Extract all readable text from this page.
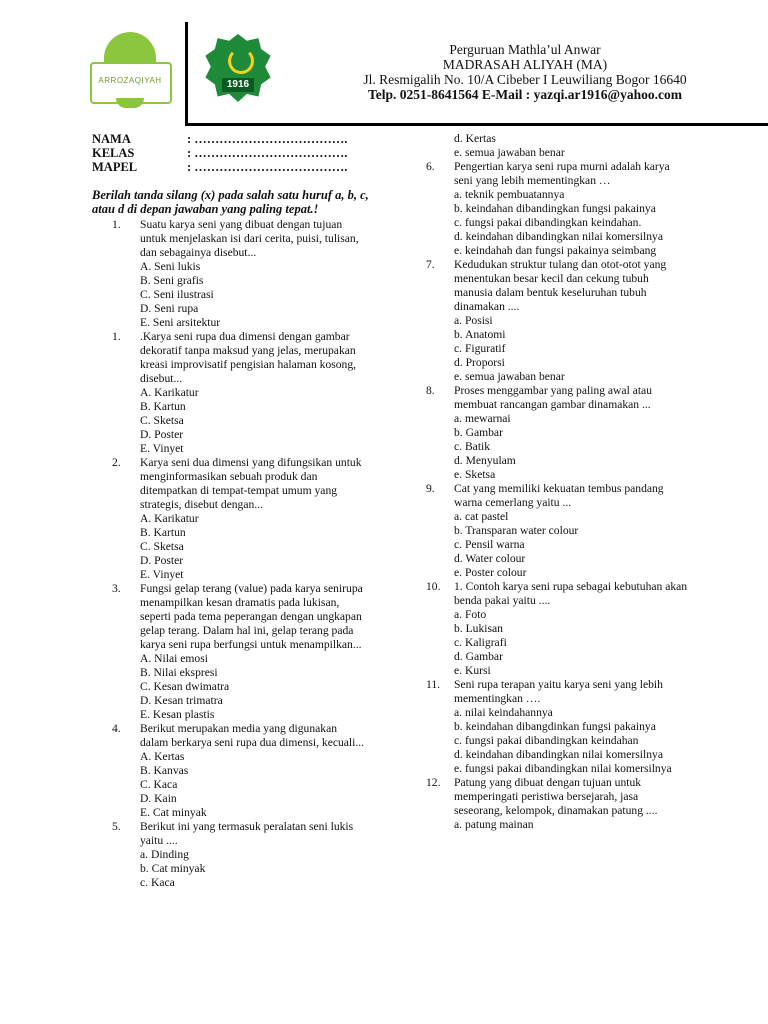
ARROZAQIYAH	1916
Perguruan Mathla’ul Anwar
MADRASAH ALIYAH (MA)
Jl. Resmigalih No. 10/A Cibeber I Leuwiliang Bogor 16640
Telp. 0251-8641564 E-Mail : yazqi.ar1916@yahoo.com
NAMA	: ……………………………….
KELAS	: ……………………………….
MAPEL	: ……………………………….
Berilah tanda silang (x) pada salah satu huruf a, b, c, atau d di depan jawaban yang paling tepat.!
1. Suatu karya seni yang dibuat dengan tujuan untuk menjelaskan isi dari cerita, puisi, tulisan, dan sebagainya disebut...
A. Seni lukis
B. Seni grafis
C. Seni ilustrasi
D. Seni rupa
E. Seni arsitektur
1. .Karya seni rupa dua dimensi dengan gambar dekoratif tanpa maksud yang jelas, merupakan kreasi improvisatif pengisian halaman kosong, disebut...
A. Karikatur
B. Kartun
C. Sketsa
D. Poster
E. Vinyet
2. Karya seni dua dimensi yang difungsikan untuk menginformasikan sebuah produk dan ditempatkan di tempat-tempat umum yang strategis, disebut dengan...
A. Karikatur
B. Kartun
C. Sketsa
D. Poster
E. Vinyet
3. Fungsi gelap terang (value) pada karya senirupa menampilkan kesan dramatis pada lukisan, seperti pada tema peperangan dengan ungkapan gelap terang. Dalam hal ini, gelap terang pada karya seni rupa berfungsi untuk menampilkan...
A. Nilai emosi
B. Nilai ekspresi
C. Kesan dwimatra
D. Kesan trimatra
E. Kesan plastis
4. Berikut merupakan media yang digunakan dalam berkarya seni rupa dua dimensi, kecuali...
A. Kertas
B. Kanvas
C. Kaca
D. Kain
E. Cat minyak
5. Berikut ini yang termasuk peralatan seni lukis yaitu ....
a. Dinding
b. Cat minyak
c. Kaca
d. Kertas
e. semua jawaban benar
6. Pengertian karya seni rupa murni adalah karya seni yang lebih mementingkan …
a. teknik pembuatannya
b. keindahan dibandingkan fungsi pakainya
c. fungsi pakai dibandingkan keindahan.
d. keindahan dibandingkan nilai komersilnya
e. keindahah dan fungsi pakainya seimbang
7. Kedudukan struktur tulang dan otot-otot yang menentukan besar kecil dan cekung tubuh manusia dalam bentuk keseluruhan tubuh dinamakan ....
a. Posisi
b. Anatomi
c. Figuratif
d. Proporsi
e. semua jawaban benar
8. Proses menggambar yang paling awal atau membuat rancangan gambar dinamakan ...
a. mewarnai
b. Gambar
c. Batik
d. Menyulam
e. Sketsa
9. Cat yang memiliki kekuatan tembus pandang warna cemerlang yaitu ...
a. cat pastel
b. Transparan water colour
c. Pensil warna
d. Water colour
e. Poster colour
10. 1. Contoh karya seni rupa sebagai kebutuhan akan benda pakai yaitu ....
a. Foto
b. Lukisan
c. Kaligrafi
d. Gambar
e. Kursi
11. Seni rupa terapan yaitu karya seni yang lebih mementingkan ….
a. nilai keindahannya
b. keindahan dibangdinkan fungsi pakainya
c. fungsi pakai dibandingkan keindahan
d. keindahan dibandingkan nilai komersilnya
e. fungsi pakai dibandingkan nilai komersilnya
12. Patung yang dibuat dengan tujuan untuk memperingati peristiwa bersejarah, jasa seseorang, kelompok, dinamakan patung ....
a. patung mainan
